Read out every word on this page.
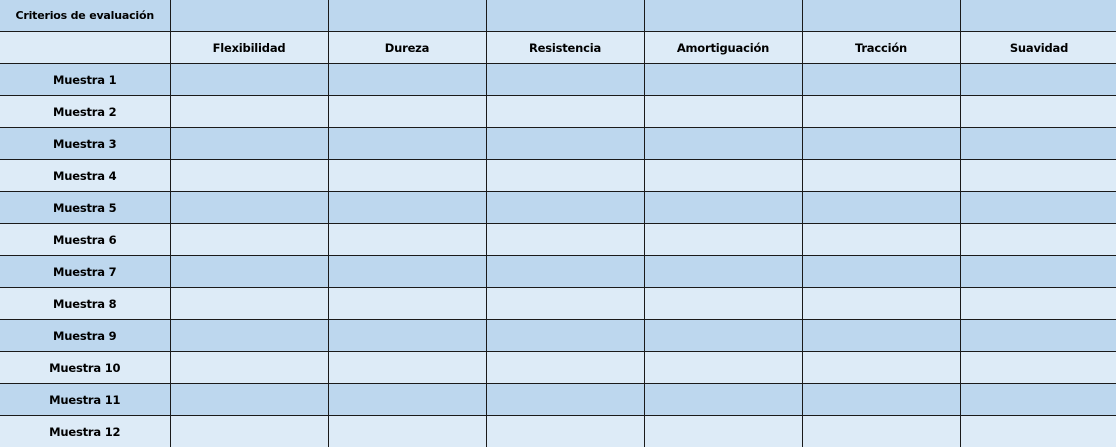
Criterios de evaluación						
	Flexibilidad	Dureza	Resistencia	Amortiguación	Tracción	Suavidad
Muestra 1						
Muestra 2						
Muestra 3						
Muestra 4						
Muestra 5						
Muestra 6						
Muestra 7						
Muestra 8						
Muestra 9						
Muestra 10						
Muestra 11						
Muestra 12						
